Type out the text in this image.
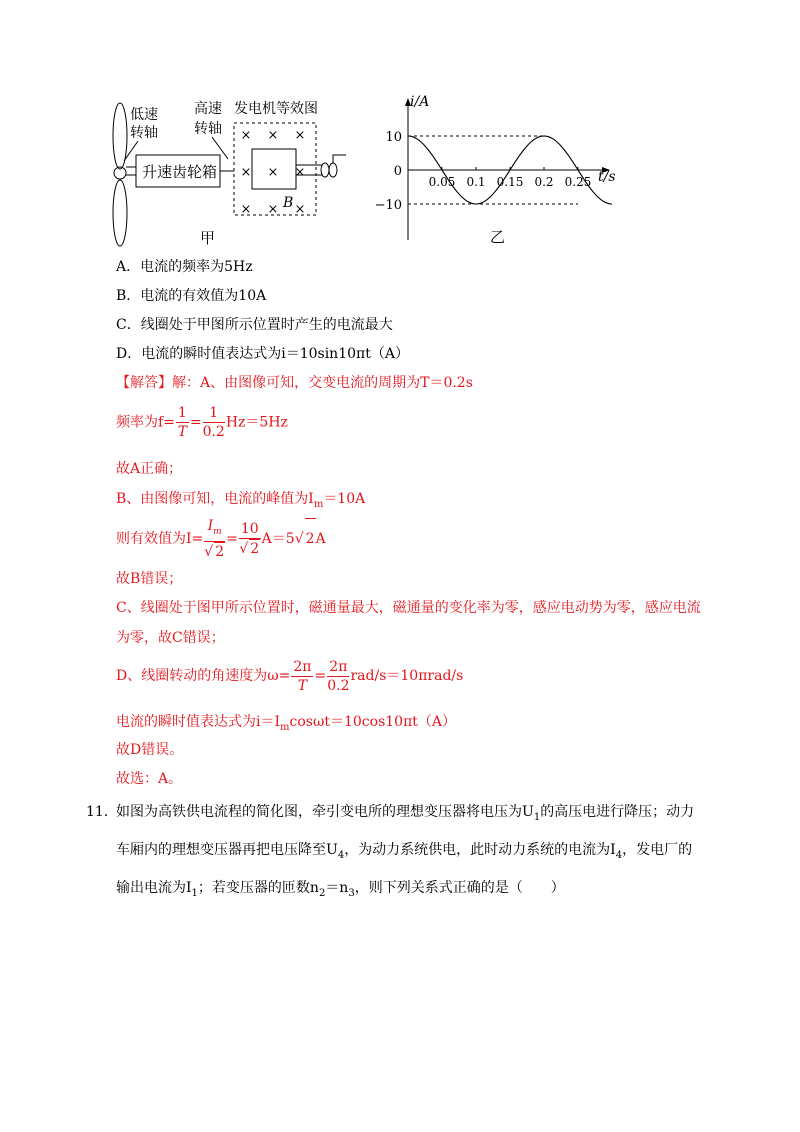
低速
转轴
高速
转轴
发电机等效图
升速齿轮箱
× × ×
× × ×
× × ×
B
甲
10
0
−10
0.05 0.1 0.15 0.2 0.25
i/A
t/s
乙
A．电流的频率为5Hz
B．电流的有效值为10A
C．线圈处于甲图所示位置时产生的电流最大
D．电流的瞬时值表达式为i＝10sin10πt（A）
【解答】解：A、由图像可知，交变电流的周期为T＝0.2s
频率为$f= \frac{1}{T} = \frac{1}{0.2} Hz=5Hz$
故A正确；
B、由图像可知，电流的峰值为$I_m=10A$
则有效值为$I= \frac{I_m}{√ 2} = \frac{10}{√ 2} A=5√$ 2A
故B错误；
C、线圈处于图甲所示位置时，磁通量最大，磁通量的变化率为零，感应电动势为零，感应电流
为零，故C错误；
D、线圈转动的角速度为$\omega= \frac{2\pi}{T} = \frac{2\pi}{0.2} rad/s=10\pi rad/s$
电流的瞬时值表达式为$i=I_m\cos\omega t=10\cos 10\pi t(A)$
故D错误。
故选：A。
11．
如图为高铁供电流程的简化图，牵引变电所的理想变压器将电压为$U_1$的高压电进行降压；动力车厢内的理想变压器再把电压降至$U_4$，为动力系统供电，此时动力系统的电流为$I_4$，发电厂的输出电流为$I_1$；若变压器的匝数$n_2=n_3$，则下列关系式正确的是（　　）
